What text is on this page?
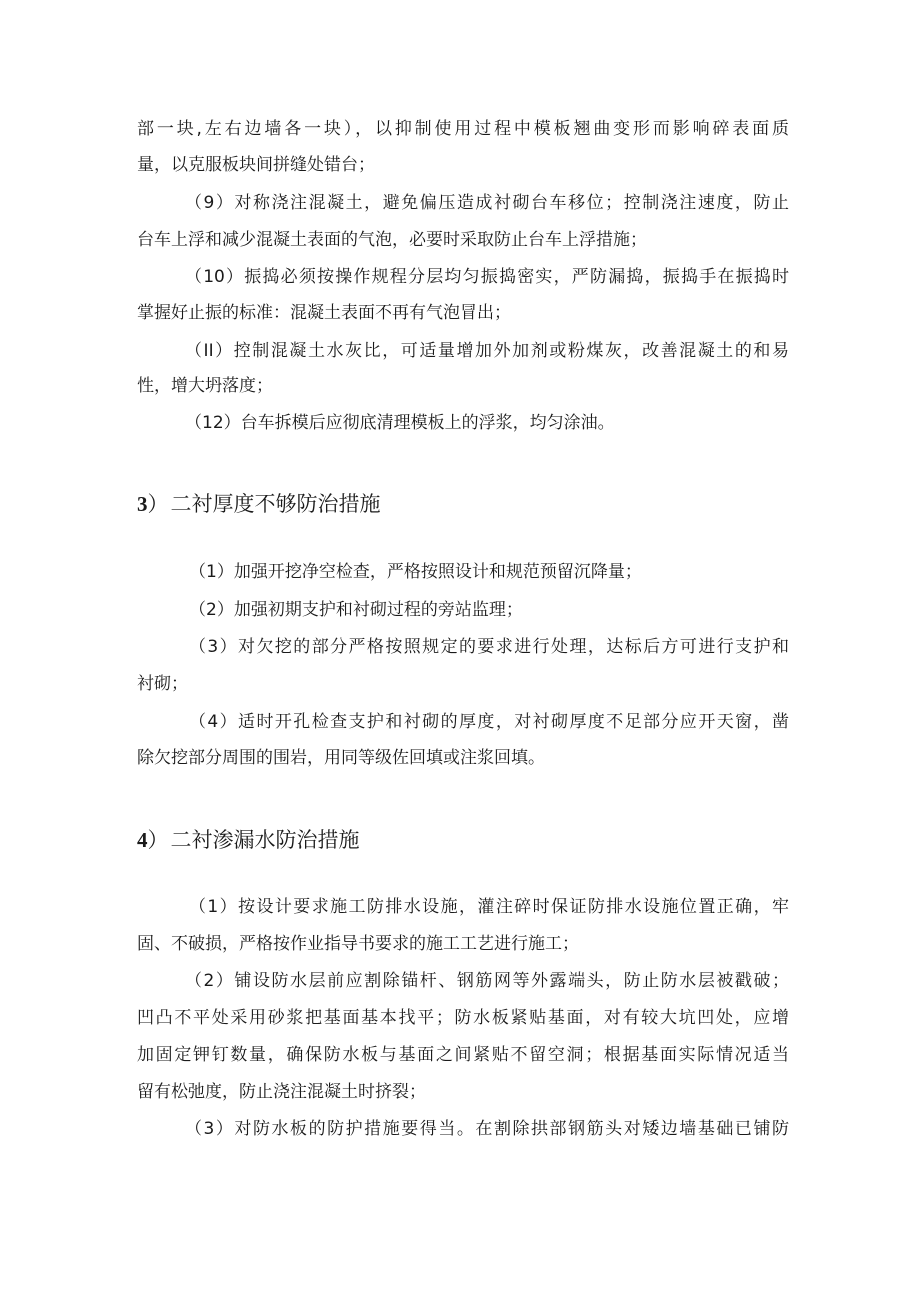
部一块,左右边墙各一块），以抑制使用过程中模板翘曲变形而影响碎表面质
量，以克服板块间拼缝处错台；
（9）对称浇注混凝土，避免偏压造成衬砌台车移位；控制浇注速度，防止
台车上浮和减少混凝土表面的气泡，必要时采取防止台车上浮措施；
（10）振捣必须按操作规程分层均匀振捣密实，严防漏捣，振捣手在振捣时
掌握好止振的标准：混凝土表面不再有气泡冒出；
（II）控制混凝土水灰比，可适量增加外加剂或粉煤灰，改善混凝土的和易
性，增大坍落度；
（12）台车拆模后应彻底清理模板上的浮浆，均匀涂油。
3）二衬厚度不够防治措施
（1）加强开挖净空检查，严格按照设计和规范预留沉降量；
（2）加强初期支护和衬砌过程的旁站监理；
（3）对欠挖的部分严格按照规定的要求进行处理，达标后方可进行支护和
衬砌；
（4）适时开孔检查支护和衬砌的厚度，对衬砌厚度不足部分应开天窗，凿
除欠挖部分周围的围岩，用同等级佐回填或注浆回填。
4）二衬渗漏水防治措施
（1）按设计要求施工防排水设施，灌注碎时保证防排水设施位置正确，牢
固、不破损，严格按作业指导书要求的施工工艺进行施工；
（2）铺设防水层前应割除锚杆、钢筋网等外露端头，防止防水层被戳破；
凹凸不平处采用砂浆把基面基本找平；防水板紧贴基面，对有较大坑凹处，应增
加固定钾钉数量，确保防水板与基面之间紧贴不留空洞；根据基面实际情况适当
留有松弛度，防止浇注混凝土时挤裂；
（3）对防水板的防护措施要得当。在割除拱部钢筋头对矮边墙基础已铺防
